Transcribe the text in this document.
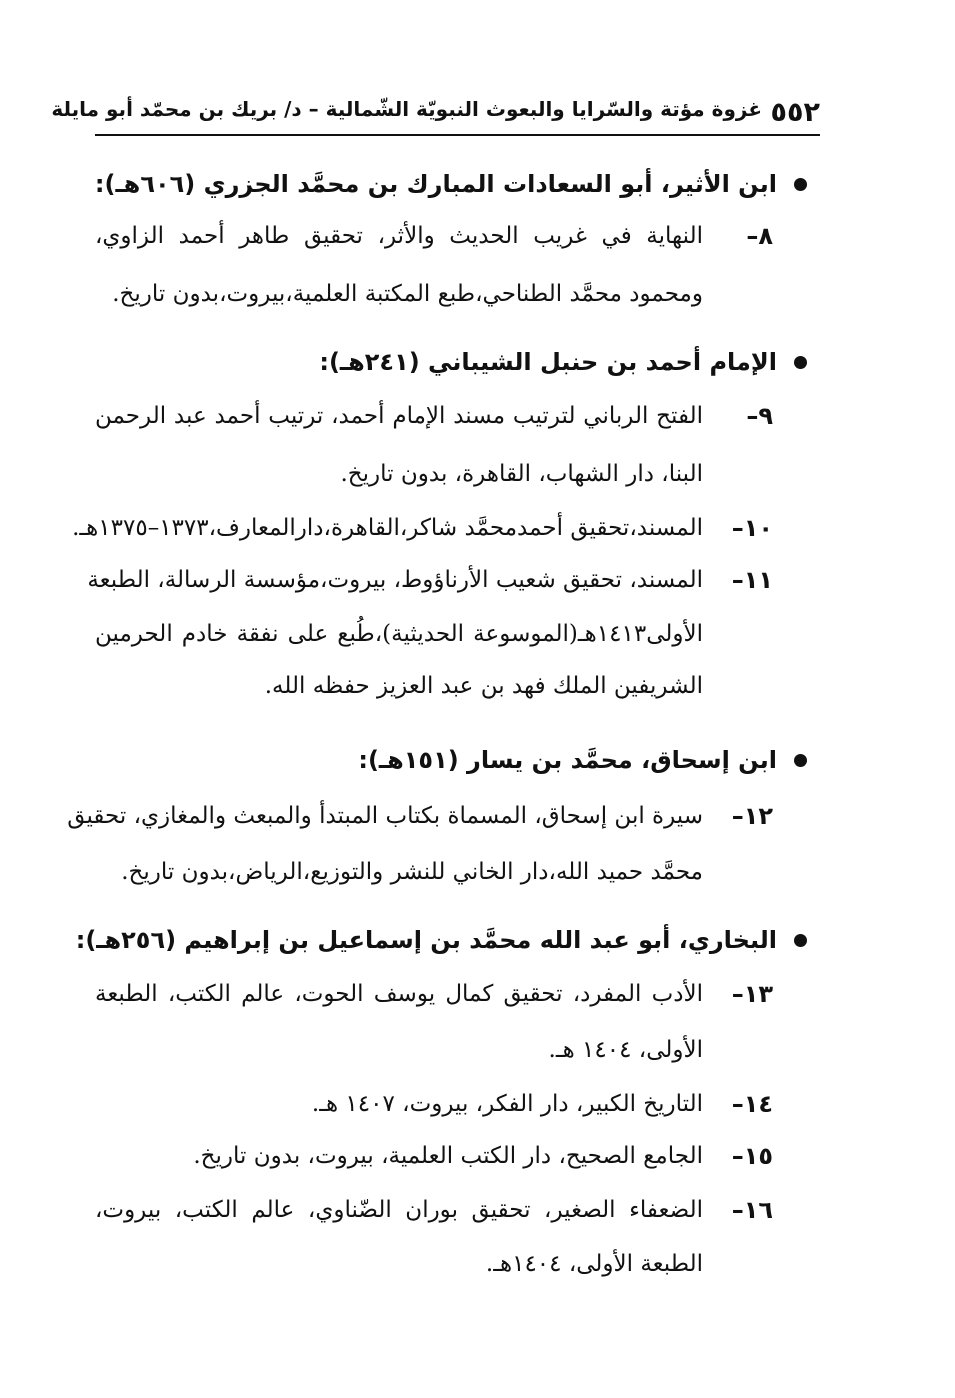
٥٥٢
غزوة مؤتة والسّرايا والبعوث النبويّة الشّمالية – د/ بريك بن محمّد أبو مايلة
ابن الأثير، أبو السعادات المبارك بن محمَّد الجزري (٦٠٦هـ):
٨–
النهاية في غريب الحديث والأثر، تحقيق طاهر أحمد الزاوي،
ومحمود محمَّد الطناحي،طبع المكتبة العلمية،بيروت،بدون تاريخ.
الإمام أحمد بن حنبل الشيباني (٢٤١هـ):
٩–
الفتح الرباني لترتيب مسند الإمام أحمد، ترتيب أحمد عبد الرحمن
البنا، دار الشهاب، القاهرة، بدون تاريخ.
١٠–
المسند،تحقيق أحمدمحمَّد شاكر،القاهرة،دارالمعارف،١٣٧٣–١٣٧٥هـ.
١١–
المسند، تحقيق شعيب الأرناؤوط، بيروت،مؤسسة الرسالة، الطبعة
الأولى١٤١٣هـ(الموسوعة الحديثية)،طُبع على نفقة خادم الحرمين
الشريفين الملك فهد بن عبد العزيز حفظه الله.
ابن إسحاق، محمَّد بن يسار (١٥١هـ):
١٢–
سيرة ابن إسحاق، المسماة بكتاب المبتدأ والمبعث والمغازي، تحقيق
محمَّد حميد الله،دار الخاني للنشر والتوزيع،الرياض،بدون تاريخ.
البخاري، أبو عبد الله محمَّد بن إسماعيل بن إبراهيم (٢٥٦هـ):
١٣–
الأدب المفرد، تحقيق كمال يوسف الحوت، عالم الكتب، الطبعة
الأولى، ١٤٠٤ هـ.
١٤–
التاريخ الكبير، دار الفكر، بيروت، ١٤٠٧ هـ.
١٥–
الجامع الصحيح، دار الكتب العلمية، بيروت، بدون تاريخ.
١٦–
الضعفاء الصغير، تحقيق بوران الضّناوي، عالم الكتب، بيروت،
الطبعة الأولى، ١٤٠٤هـ.
